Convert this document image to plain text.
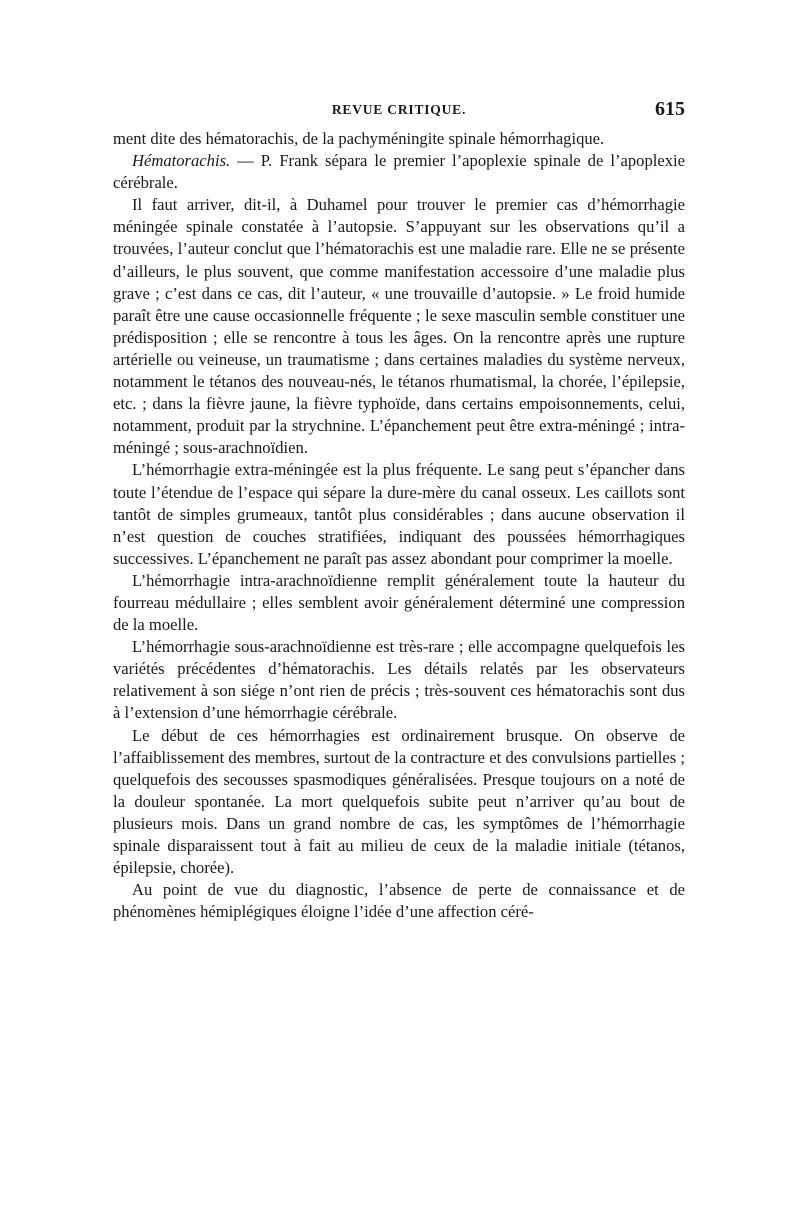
REVUE CRITIQUE.	615

ment dite des hématorachis, de la pachyméningite spinale hémorrhagique.

Hématorachis. — P. Frank sépara le premier l’apoplexie spinale de l’apoplexie cérébrale.

Il faut arriver, dit-il, à Duhamel pour trouver le premier cas d’hémorrhagie méningée spinale constatée à l’autopsie. S’appuyant sur les observations qu’il a trouvées, l’auteur conclut que l’hématorachis est une maladie rare. Elle ne se présente d’ailleurs, le plus souvent, que comme manifestation accessoire d’une maladie plus grave ; c’est dans ce cas, dit l’auteur, « une trouvaille d’autopsie. » Le froid humide paraît être une cause occasionnelle fréquente ; le sexe masculin semble constituer une prédisposition ; elle se rencontre à tous les âges. On la rencontre après une rupture artérielle ou veineuse, un traumatisme ; dans certaines maladies du système nerveux, notamment le tétanos des nouveau-nés, le tétanos rhumatismal, la chorée, l’épilepsie, etc. ; dans la fièvre jaune, la fièvre typhoïde, dans certains empoisonnements, celui, notamment, produit par la strychnine. L’épanchement peut être extra-méningé ; intra-méningé ; sous-arachnoïdien.

L’hémorrhagie extra-méningée est la plus fréquente. Le sang peut s’épancher dans toute l’étendue de l’espace qui sépare la dure-mère du canal osseux. Les caillots sont tantôt de simples grumeaux, tantôt plus considérables ; dans aucune observation il n’est question de couches stratifiées, indiquant des poussées hémorrhagiques successives. L’épanchement ne paraît pas assez abondant pour comprimer la moelle.

L’hémorrhagie intra-arachnoïdienne remplit généralement toute la hauteur du fourreau médullaire ; elles semblent avoir généralement déterminé une compression de la moelle.

L’hémorrhagie sous-arachnoïdienne est très-rare ; elle accompagne quelquefois les variétés précédentes d’hématorachis. Les détails relatés par les observateurs relativement à son siége n’ont rien de précis ; très-souvent ces hématorachis sont dus à l’extension d’une hémorrhagie cérébrale.

Le début de ces hémorrhagies est ordinairement brusque. On observe de l’affaiblissement des membres, surtout de la contracture et des convulsions partielles ; quelquefois des secousses spasmodiques généralisées. Presque toujours on a noté de la douleur spontanée. La mort quelquefois subite peut n’arriver qu’au bout de plusieurs mois. Dans un grand nombre de cas, les symptômes de l’hémorrhagie spinale disparaissent tout à fait au milieu de ceux de la maladie initiale (tétanos, épilepsie, chorée).

Au point de vue du diagnostic, l’absence de perte de connaissance et de phénomènes hémiplégiques éloigne l’idée d’une affection céré-
